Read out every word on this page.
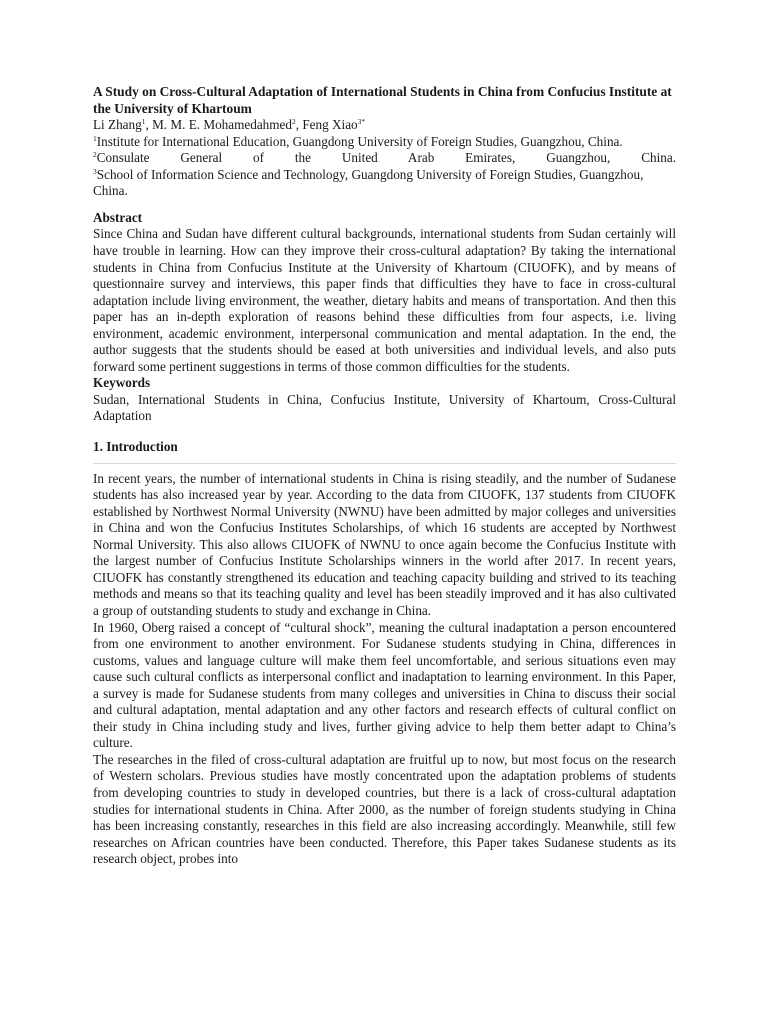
A Study on Cross-Cultural Adaptation of International Students in China from Confucius Institute at the University of Khartoum

Li Zhang$^1$, M. M. E. Mohamedahmed$^2$, Feng Xiao$^{3*}$

$^1$Institute for International Education, Guangdong University of Foreign Studies, Guangzhou, China.

$^2$Consulate General of the United Arab Emirates, Guangzhou, China.

$^3$School of Information Science and Technology, Guangdong University of Foreign Studies, Guangzhou, China.

Abstract

Since China and Sudan have different cultural backgrounds, international students from Sudan certainly will have trouble in learning. How can they improve their cross-cultural adaptation? By taking the international students in China from Confucius Institute at the University of Khartoum (CIUOFK), and by means of questionnaire survey and interviews, this paper finds that difficulties they have to face in cross-cultural adaptation include living environment, the weather, dietary habits and means of transportation. And then this paper has an in-depth exploration of reasons behind these difficulties from four aspects, i.e. living environment, academic environment, interpersonal communication and mental adaptation. In the end, the author suggests that the students should be eased at both universities and individual levels, and also puts forward some pertinent suggestions in terms of those common difficulties for the students.

Keywords

Sudan, International Students in China, Confucius Institute, University of Khartoum, Cross-Cultural Adaptation

1. Introduction

In recent years, the number of international students in China is rising steadily, and the number of Sudanese students has also increased year by year. According to the data from CIUOFK, 137 students from CIUOFK established by Northwest Normal University (NWNU) have been admitted by major colleges and universities in China and won the Confucius Institutes Scholarships, of which 16 students are accepted by Northwest Normal University. This also allows CIUOFK of NWNU to once again become the Confucius Institute with the largest number of Confucius Institute Scholarships winners in the world after 2017. In recent years, CIUOFK has constantly strengthened its education and teaching capacity building and strived to its teaching methods and means so that its teaching quality and level has been steadily improved and it has also cultivated a group of outstanding students to study and exchange in China.

In 1960, Oberg raised a concept of “cultural shock”, meaning the cultural inadaptation a person encountered from one environment to another environment. For Sudanese students studying in China, differences in customs, values and language culture will make them feel uncomfortable, and serious situations even may cause such cultural conflicts as interpersonal conflict and inadaptation to learning environment. In this Paper, a survey is made for Sudanese students from many colleges and universities in China to discuss their social and cultural adaptation, mental adaptation and any other factors and research effects of cultural conflict on their study in China including study and lives, further giving advice to help them better adapt to China’s culture.

The researches in the filed of cross-cultural adaptation are fruitful up to now, but most focus on the research of Western scholars. Previous studies have mostly concentrated upon the adaptation problems of students from developing countries to study in developed countries, but there is a lack of cross-cultural adaptation studies for international students in China. After 2000, as the number of foreign students studying in China has been increasing constantly, researches in this field are also increasing accordingly. Meanwhile, still few researches on African countries have been conducted. Therefore, this Paper takes Sudanese students as its research object, probes into
